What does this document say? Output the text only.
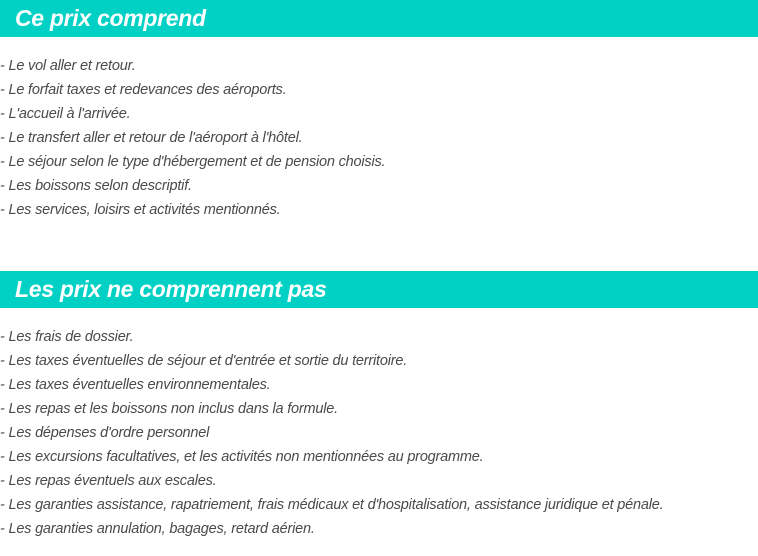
Ce prix comprend
- Le vol aller et retour.
- Le forfait taxes et redevances des aéroports.
- L'accueil à l'arrivée.
- Le transfert aller et retour de l'aéroport à l'hôtel.
- Le séjour selon le type d'hébergement et de pension choisis.
- Les boissons selon descriptif.
- Les services, loisirs et activités mentionnés.
Les prix ne comprennent pas
- Les frais de dossier.
- Les taxes éventuelles de séjour et d'entrée et sortie du territoire.
- Les taxes éventuelles environnementales.
- Les repas et les boissons non inclus dans la formule.
- Les dépenses d'ordre personnel
- Les excursions facultatives, et les activités non mentionnées au programme.
- Les repas éventuels aux escales.
- Les garanties assistance, rapatriement, frais médicaux et d'hospitalisation, assistance juridique et pénale.
- Les garanties annulation, bagages, retard aérien.
